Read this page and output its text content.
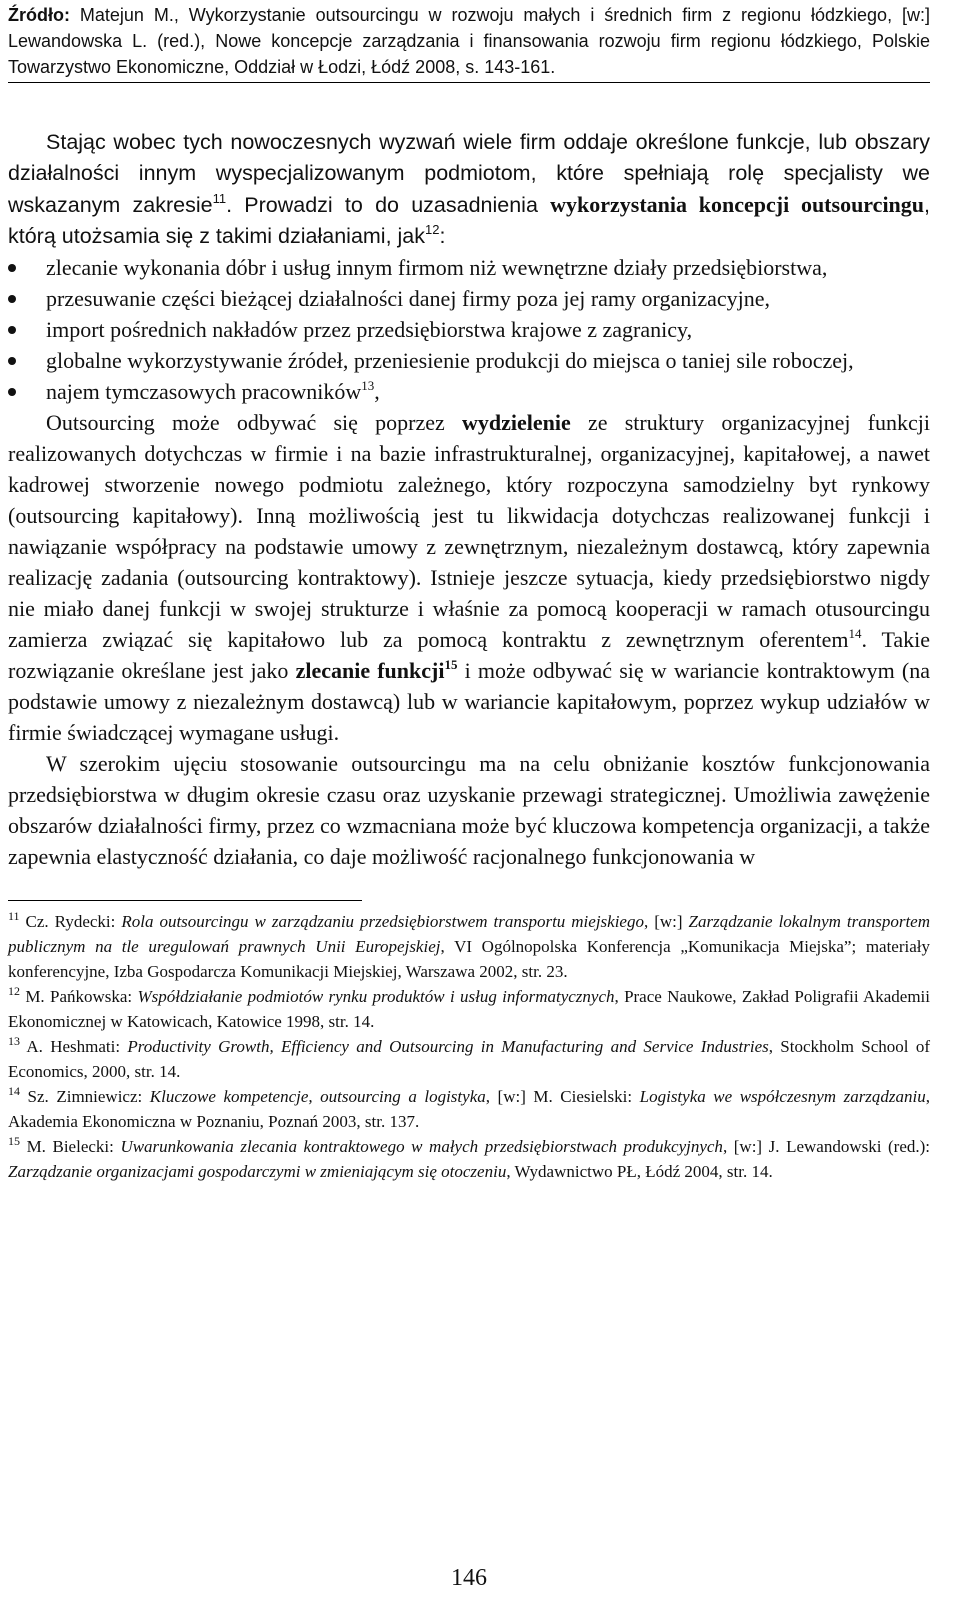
Źródło: Matejun M., Wykorzystanie outsourcingu w rozwoju małych i średnich firm z regionu łódzkiego, [w:] Lewandowska L. (red.), Nowe koncepcje zarządzania i finansowania rozwoju firm regionu łódzkiego, Polskie Towarzystwo Ekonomiczne, Oddział w Łodzi, Łódź 2008, s. 143-161.

Stając wobec tych nowoczesnych wyzwań wiele firm oddaje określone funkcje, lub obszary działalności innym wyspecjalizowanym podmiotom, które spełniają rolę specjalisty we wskazanym zakresie$^{11}$. Prowadzi to do uzasadnienia wykorzystania koncepcji outsourcingu, którą utożsamia się z takimi działaniami, jak$^{12}$:

zlecanie wykonania dóbr i usług innym firmom niż wewnętrzne działy przedsiębiorstwa,
przesuwanie części bieżącej działalności danej firmy poza jej ramy organizacyjne,
import pośrednich nakładów przez przedsiębiorstwa krajowe z zagranicy,
globalne wykorzystywanie źródeł, przeniesienie produkcji do miejsca o taniej sile roboczej,
najem tymczasowych pracowników$^{13}$,

Outsourcing może odbywać się poprzez wydzielenie ze struktury organizacyjnej funkcji realizowanych dotychczas w firmie i na bazie infrastrukturalnej, organizacyjnej, kapitałowej, a nawet kadrowej stworzenie nowego podmiotu zależnego, który rozpoczyna samodzielny byt rynkowy (outsourcing kapitałowy). Inną możliwością jest tu likwidacja dotychczas realizowanej funkcji i nawiązanie współpracy na podstawie umowy z zewnętrznym, niezależnym dostawcą, który zapewnia realizację zadania (outsourcing kontraktowy). Istnieje jeszcze sytuacja, kiedy przedsiębiorstwo nigdy nie miało danej funkcji w swojej strukturze i właśnie za pomocą kooperacji w ramach otusourcingu zamierza związać się kapitałowo lub za pomocą kontraktu z zewnętrznym oferentem$^{14}$. Takie rozwiązanie określane jest jako zlecanie funkcji$^{15}$ i może odbywać się w wariancie kontraktowym (na podstawie umowy z niezależnym dostawcą) lub w wariancie kapitałowym, poprzez wykup udziałów w firmie świadczącej wymagane usługi.

W szerokim ujęciu stosowanie outsourcingu ma na celu obniżanie kosztów funkcjonowania przedsiębiorstwa w długim okresie czasu oraz uzyskanie przewagi strategicznej. Umożliwia zawężenie obszarów działalności firmy, przez co wzmacniana może być kluczowa kompetencja organizacji, a także zapewnia elastyczność działania, co daje możliwość racjonalnego funkcjonowania w

$^{11}$ Cz. Rydecki: Rola outsourcingu w zarządzaniu przedsiębiorstwem transportu miejskiego, [w:] Zarządzanie lokalnym transportem publicznym na tle uregulowań prawnych Unii Europejskiej, VI Ogólnopolska Konferencja „Komunikacja Miejska”; materiały konferencyjne, Izba Gospodarcza Komunikacji Miejskiej, Warszawa 2002, str. 23.

$^{12}$ M. Pańkowska: Współdziałanie podmiotów rynku produktów i usług informatycznych, Prace Naukowe, Zakład Poligrafii Akademii Ekonomicznej w Katowicach, Katowice 1998, str. 14.

$^{13}$ A. Heshmati: Productivity Growth, Efficiency and Outsourcing in Manufacturing and Service Industries, Stockholm School of Economics, 2000, str. 14.

$^{14}$ Sz. Zimniewicz: Kluczowe kompetencje, outsourcing a logistyka, [w:] M. Ciesielski: Logistyka we współczesnym zarządzaniu, Akademia Ekonomiczna w Poznaniu, Poznań 2003, str. 137.

$^{15}$ M. Bielecki: Uwarunkowania zlecania kontraktowego w małych przedsiębiorstwach produkcyjnych, [w:] J. Lewandowski (red.): Zarządzanie organizacjami gospodarczymi w zmieniającym się otoczeniu, Wydawnictwo PŁ, Łódź 2004, str. 14.

146
